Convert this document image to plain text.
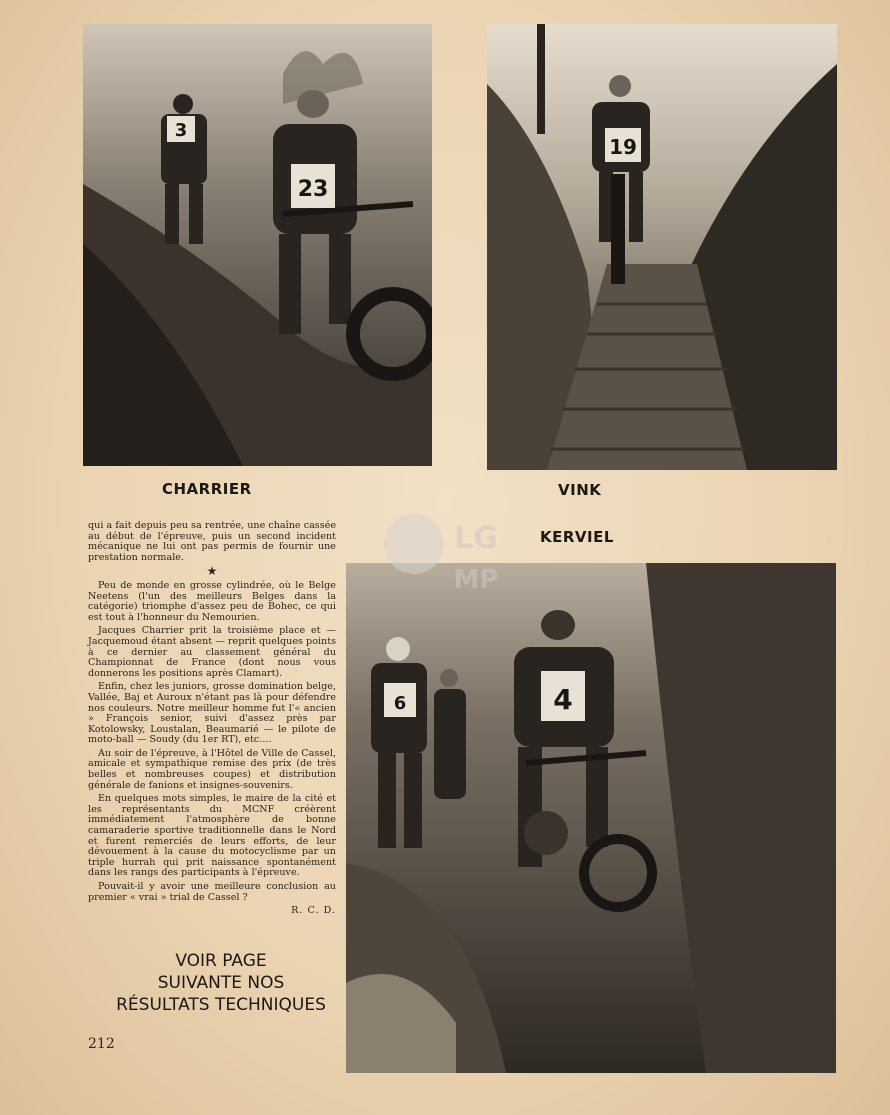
3
23
19
6	4
LG
MP
CHARRIER	VINK
KERVIEL

qui a fait depuis peu sa rentrée, une chaîne cassée au début de l'épreuve, puis un second incident mécanique ne lui ont pas permis de fournir une prestation normale.

★

Peu de monde en grosse cylindrée, où le Belge Neetens (l'un des meilleurs Belges dans la catégorie) triomphe d'assez peu de Bohec, ce qui est tout à l'honneur du Nemourien.

Jacques Charrier prit la troisième place et — Jacquemoud étant absent — reprit quelques points à ce dernier au classement général du Championnat de France (dont nous vous donnerons les positions après Clamart).

Enfin, chez les juniors, grosse domination belge, Vallée, Baj et Auroux n'étant pas là pour défendre nos couleurs. Notre meilleur homme fut l'« ancien » François senior, suivi d'assez près par Kotolowsky, Loustalan, Beaumarié — le pilote de moto-ball — Soudy (du 1er RT), etc....

Au soir de l'épreuve, à l'Hôtel de Ville de Cassel, amicale et sympathique remise des prix (de très belles et nombreuses coupes) et distribution générale de fanions et insignes-souvenirs.

En quelques mots simples, le maire de la cité et les représentants du MCNF créèrent immédiatement l'atmosphère de bonne camaraderie sportive traditionnelle dans le Nord et furent remerciés de leurs efforts, de leur dévouement à la cause du motocyclisme par un triple hurrah qui prit naissance spontanément dans les rangs des participants à l'épreuve.

Pouvait-il y avoir une meilleure conclusion au premier « vrai » trial de Cassel ?

R. C. D.
VOIR PAGE
SUIVANTE NOS
RÉSULTATS TECHNIQUES
212
